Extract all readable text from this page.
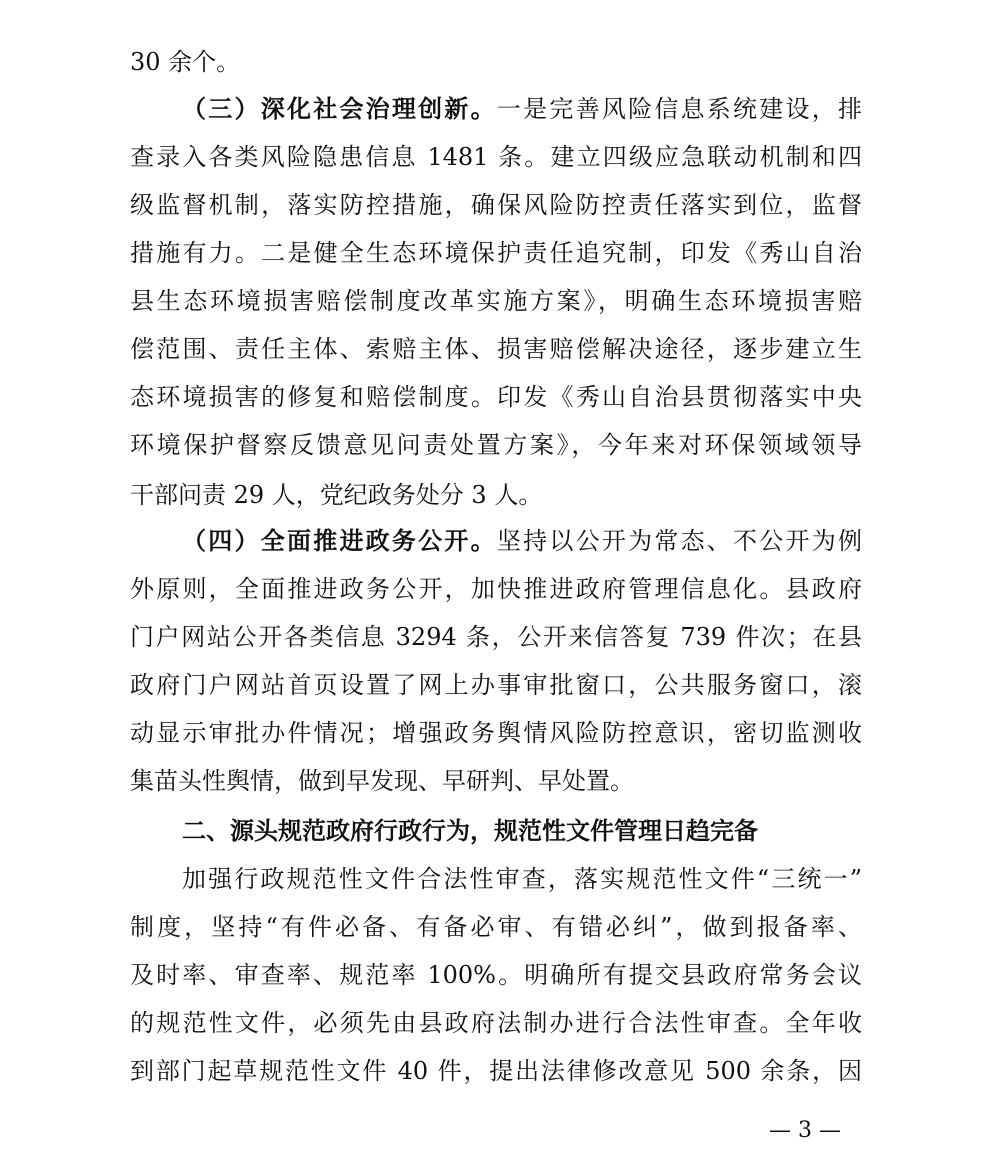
30 余个。
（三）深化社会治理创新。一是完善风险信息系统建设，排
查录入各类风险隐患信息 1481 条。建立四级应急联动机制和四
级监督机制，落实防控措施，确保风险防控责任落实到位，监督
措施有力。二是健全生态环境保护责任追究制，印发《秀山自治
县生态环境损害赔偿制度改革实施方案》，明确生态环境损害赔
偿范围、责任主体、索赔主体、损害赔偿解决途径，逐步建立生
态环境损害的修复和赔偿制度。印发《秀山自治县贯彻落实中央
环境保护督察反馈意见问责处置方案》，今年来对环保领域领导
干部问责 29 人，党纪政务处分 3 人。
（四）全面推进政务公开。坚持以公开为常态、不公开为例
外原则，全面推进政务公开，加快推进政府管理信息化。县政府
门户网站公开各类信息 3294 条，公开来信答复 739 件次；在县
政府门户网站首页设置了网上办事审批窗口，公共服务窗口，滚
动显示审批办件情况；增强政务舆情风险防控意识，密切监测收
集苗头性舆情，做到早发现、早研判、早处置。
二、源头规范政府行政行为，规范性文件管理日趋完备
加强行政规范性文件合法性审查，落实规范性文件“三统一”
制度，坚持“有件必备、有备必审、有错必纠”，做到报备率、
及时率、审查率、规范率 100%。明确所有提交县政府常务会议
的规范性文件，必须先由县政府法制办进行合法性审查。全年收
到部门起草规范性文件 40 件，提出法律修改意见 500 余条，因
— 3 —
